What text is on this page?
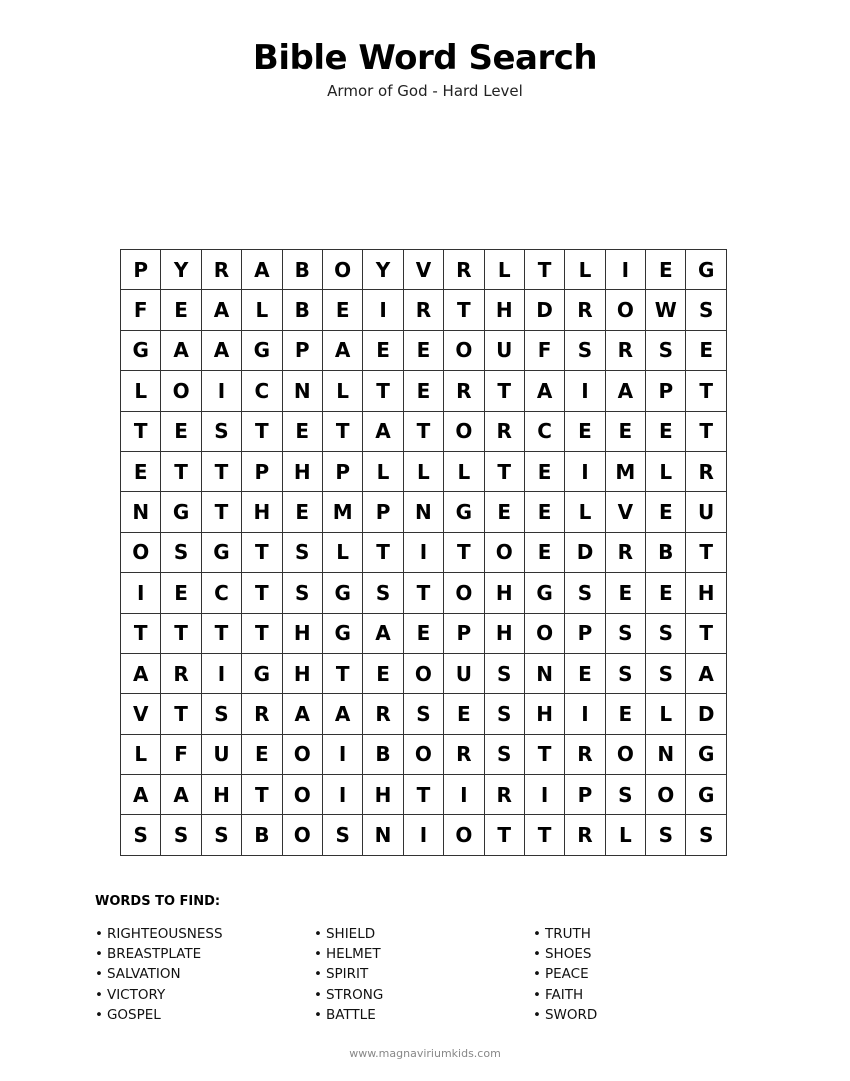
Bible Word Search
Armor of God - Hard Level
P	Y	R	A	B	O	Y	V	R	L	T	L	I	E	G
F	E	A	L	B	E	I	R	T	H	D	R	O	W	S
G	A	A	G	P	A	E	E	O	U	F	S	R	S	E
L	O	I	C	N	L	T	E	R	T	A	I	A	P	T
T	E	S	T	E	T	A	T	O	R	C	E	E	E	T
E	T	T	P	H	P	L	L	L	T	E	I	M	L	R
N	G	T	H	E	M	P	N	G	E	E	L	V	E	U
O	S	G	T	S	L	T	I	T	O	E	D	R	B	T
I	E	C	T	S	G	S	T	O	H	G	S	E	E	H
T	T	T	T	H	G	A	E	P	H	O	P	S	S	T
A	R	I	G	H	T	E	O	U	S	N	E	S	S	A
V	T	S	R	A	A	R	S	E	S	H	I	E	L	D
L	F	U	E	O	I	B	O	R	S	T	R	O	N	G
A	A	H	T	O	I	H	T	I	R	I	P	S	O	G
S	S	S	B	O	S	N	I	O	T	T	R	L	S	S
WORDS TO FIND:
• RIGHTEOUSNESS
• BREASTPLATE
• SALVATION
• VICTORY
• GOSPEL
• SHIELD
• HELMET
• SPIRIT
• STRONG
• BATTLE
• TRUTH
• SHOES
• PEACE
• FAITH
• SWORD
www.magnaviriumkids.com
